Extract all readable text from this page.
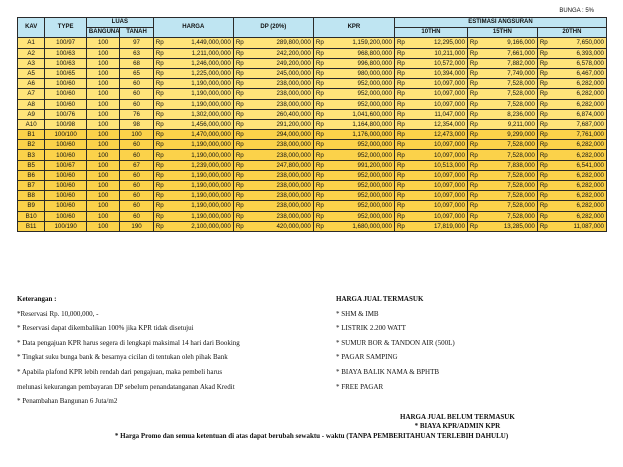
BUNGA : 5%
KAV	TYPE	LUAS		HARGA		DP (20%)		KPR		ESTIMASI ANGSURAN					
		BANGUNA	TANAH							10THN		15THN		20THN	
A1	100/97	100	97	Rp	1,449,000,000	Rp	289,800,000	Rp	1,159,200,000	Rp	12,295,000	Rp	9,166,000	Rp	7,650,000
A2	100/63	100	63	Rp	1,211,000,000	Rp	242,200,000	Rp	968,800,000	Rp	10,211,000	Rp	7,661,000	Rp	6,393,000
A3	100/63	100	68	Rp	1,246,000,000	Rp	249,200,000	Rp	996,800,000	Rp	10,572,000	Rp	7,882,000	Rp	6,578,000
A5	100/65	100	65	Rp	1,225,000,000	Rp	245,000,000	Rp	980,000,000	Rp	10,394,000	Rp	7,749,000	Rp	6,467,000
A6	100/60	100	60	Rp	1,190,000,000	Rp	238,000,000	Rp	952,000,000	Rp	10,097,000	Rp	7,528,000	Rp	6,282,000
A7	100/60	100	60	Rp	1,190,000,000	Rp	238,000,000	Rp	952,000,000	Rp	10,097,000	Rp	7,528,000	Rp	6,282,000
A8	100/60	100	60	Rp	1,190,000,000	Rp	238,000,000	Rp	952,000,000	Rp	10,097,000	Rp	7,528,000	Rp	6,282,000
A9	100/76	100	76	Rp	1,302,000,000	Rp	260,400,000	Rp	1,041,600,000	Rp	11,047,000	Rp	8,236,000	Rp	6,874,000
A10	100/98	100	98	Rp	1,456,000,000	Rp	291,200,000	Rp	1,164,800,000	Rp	12,354,000	Rp	9,211,000	Rp	7,687,000
B1	100/100	100	100	Rp	1,470,000,000	Rp	294,000,000	Rp	1,176,000,000	Rp	12,473,000	Rp	9,299,000	Rp	7,761,000
B2	100/60	100	60	Rp	1,190,000,000	Rp	238,000,000	Rp	952,000,000	Rp	10,097,000	Rp	7,528,000	Rp	6,282,000
B3	100/60	100	60	Rp	1,190,000,000	Rp	238,000,000	Rp	952,000,000	Rp	10,097,000	Rp	7,528,000	Rp	6,282,000
B5	100/67	100	67	Rp	1,239,000,000	Rp	247,800,000	Rp	991,200,000	Rp	10,513,000	Rp	7,838,000	Rp	6,541,000
B6	100/60	100	60	Rp	1,190,000,000	Rp	238,000,000	Rp	952,000,000	Rp	10,097,000	Rp	7,528,000	Rp	6,282,000
B7	100/60	100	60	Rp	1,190,000,000	Rp	238,000,000	Rp	952,000,000	Rp	10,097,000	Rp	7,528,000	Rp	6,282,000
B8	100/60	100	60	Rp	1,190,000,000	Rp	238,000,000	Rp	952,000,000	Rp	10,097,000	Rp	7,528,000	Rp	6,282,000
B9	100/60	100	60	Rp	1,190,000,000	Rp	238,000,000	Rp	952,000,000	Rp	10,097,000	Rp	7,528,000	Rp	6,282,000
B10	100/60	100	60	Rp	1,190,000,000	Rp	238,000,000	Rp	952,000,000	Rp	10,097,000	Rp	7,528,000	Rp	6,282,000
B11	100/190	100	190	Rp	2,100,000,000	Rp	420,000,000	Rp	1,680,000,000	Rp	17,819,000	Rp	13,285,000	Rp	11,087,000
Keterangan :
*Reservasi Rp. 10,000,000, -
* Reservasi dapat dikembalikan 100% jika KPR tidak disetujui
* Data pengajuan KPR harus segera di lengkapi maksimal 14 hari dari Booking
* Tingkat suku bunga bank & besarnya cicilan di tentukan oleh pihak Bank
* Apabila plafond KPR lebih rendah dari pengajuan, maka pembeli harus
melunasi kekurangan pembayaran DP sebelum penandatanganan Akad Kredit
* Penambahan Bangunan 6 Juta/m2
HARGA JUAL TERMASUK
* SHM & IMB
* LISTRIK 2.200 WATT
* SUMUR BOR & TANDON AIR (500L)
* PAGAR SAMPING
* BIAYA BALIK NAMA & BPHTB
* FREE PAGAR
HARGA JUAL BELUM TERMASUK
* BIAYA KPR/ADMIN KPR
* Harga Promo dan semua ketentuan di atas dapat berubah sewaktu - waktu (TANPA PEMBERITAHUAN TERLEBIH DAHULU)
